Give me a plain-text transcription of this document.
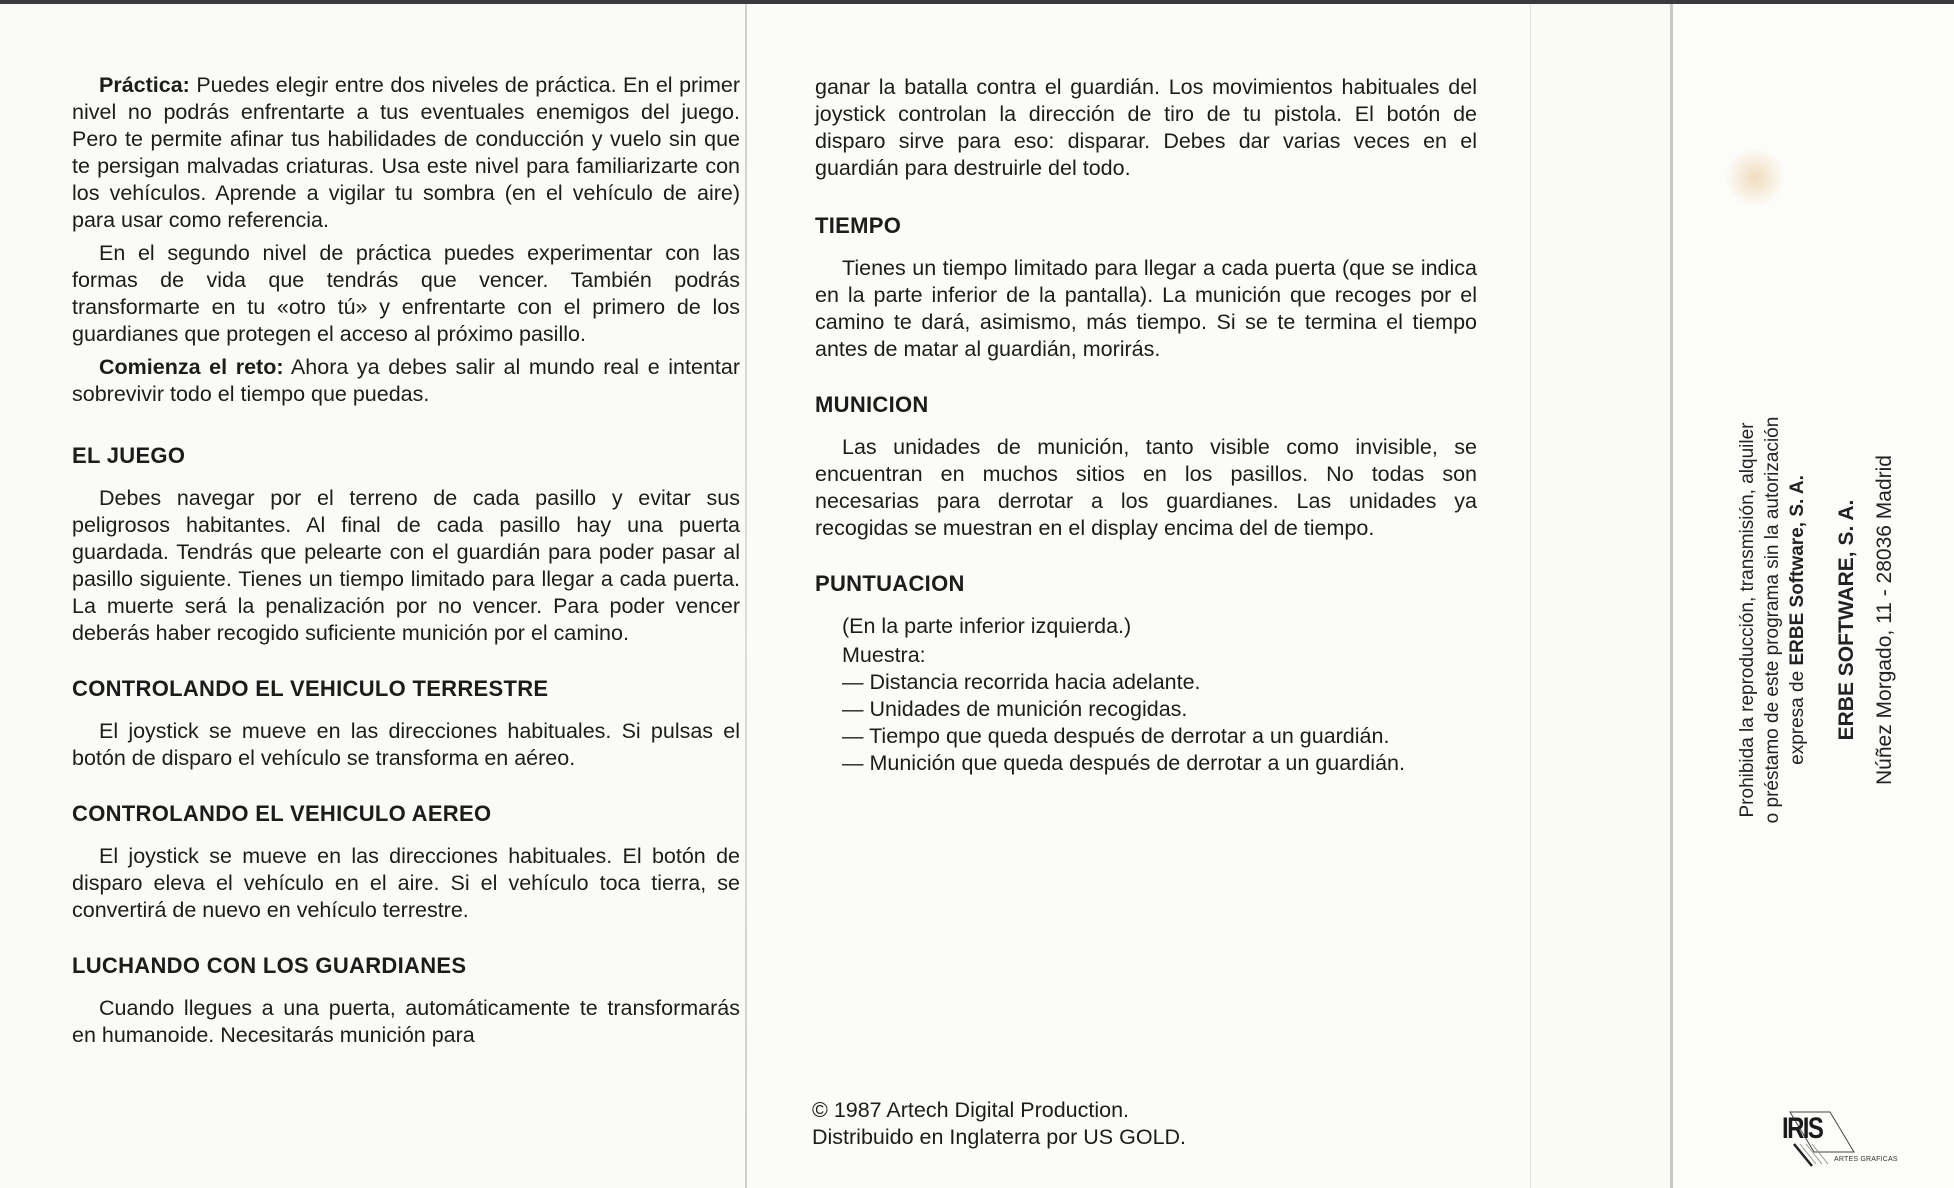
Práctica: Puedes elegir entre dos niveles de práctica. En el primer nivel no podrás enfrentarte a tus eventuales enemigos del juego. Pero te permite afinar tus habilidades de conducción y vuelo sin que te persigan malvadas criaturas. Usa este nivel para familiarizarte con los vehículos. Aprende a vigilar tu sombra (en el vehículo de aire) para usar como referencia.

En el segundo nivel de práctica puedes experimentar con las formas de vida que tendrás que vencer. También podrás transformarte en tu «otro tú» y enfrentarte con el primero de los guardianes que protegen el acceso al próximo pasillo.

Comienza el reto: Ahora ya debes salir al mundo real e intentar sobrevivir todo el tiempo que puedas.

EL JUEGO

Debes navegar por el terreno de cada pasillo y evitar sus peligrosos habitantes. Al final de cada pasillo hay una puerta guardada. Tendrás que pelearte con el guardián para poder pasar al pasillo siguiente. Tienes un tiempo limitado para llegar a cada puerta. La muerte será la penalización por no vencer. Para poder vencer deberás haber recogido suficiente munición por el camino.

CONTROLANDO EL VEHICULO TERRESTRE

El joystick se mueve en las direcciones habituales. Si pulsas el botón de disparo el vehículo se transforma en aéreo.

CONTROLANDO EL VEHICULO AEREO

El joystick se mueve en las direcciones habituales. El botón de disparo eleva el vehículo en el aire. Si el vehículo toca tierra, se convertirá de nuevo en vehículo terrestre.

LUCHANDO CON LOS GUARDIANES

Cuando llegues a una puerta, automáticamente te transformarás en humanoide. Necesitarás munición para

ganar la batalla contra el guardián. Los movimientos habituales del joystick controlan la dirección de tiro de tu pistola. El botón de disparo sirve para eso: disparar. Debes dar varias veces en el guardián para destruirle del todo.

TIEMPO

Tienes un tiempo limitado para llegar a cada puerta (que se indica en la parte inferior de la pantalla). La munición que recoges por el camino te dará, asimismo, más tiempo. Si se te termina el tiempo antes de matar al guardián, morirás.

MUNICION

Las unidades de munición, tanto visible como invisible, se encuentran en muchos sitios en los pasillos. No todas son necesarias para derrotar a los guardianes. Las unidades ya recogidas se muestran en el display encima del de tiempo.

PUNTUACION

(En la parte inferior izquierda.)

Muestra:

— Distancia recorrida hacia adelante.

— Unidades de munición recogidas.

— Tiempo que queda después de derrotar a un guardián.

— Munición que queda después de derrotar a un guardián.

© 1987 Artech Digital Production.
Distribuido en Inglaterra por US GOLD.

Prohibida la reproducción, transmisión, alquiler o préstamo de este programa sin la autorización expresa de ERBE Software, S. A. ERBE SOFTWARE, S. A. Núñez Morgado, 11 - 28036 Madrid

IRIS
ARTES GRAFICAS
